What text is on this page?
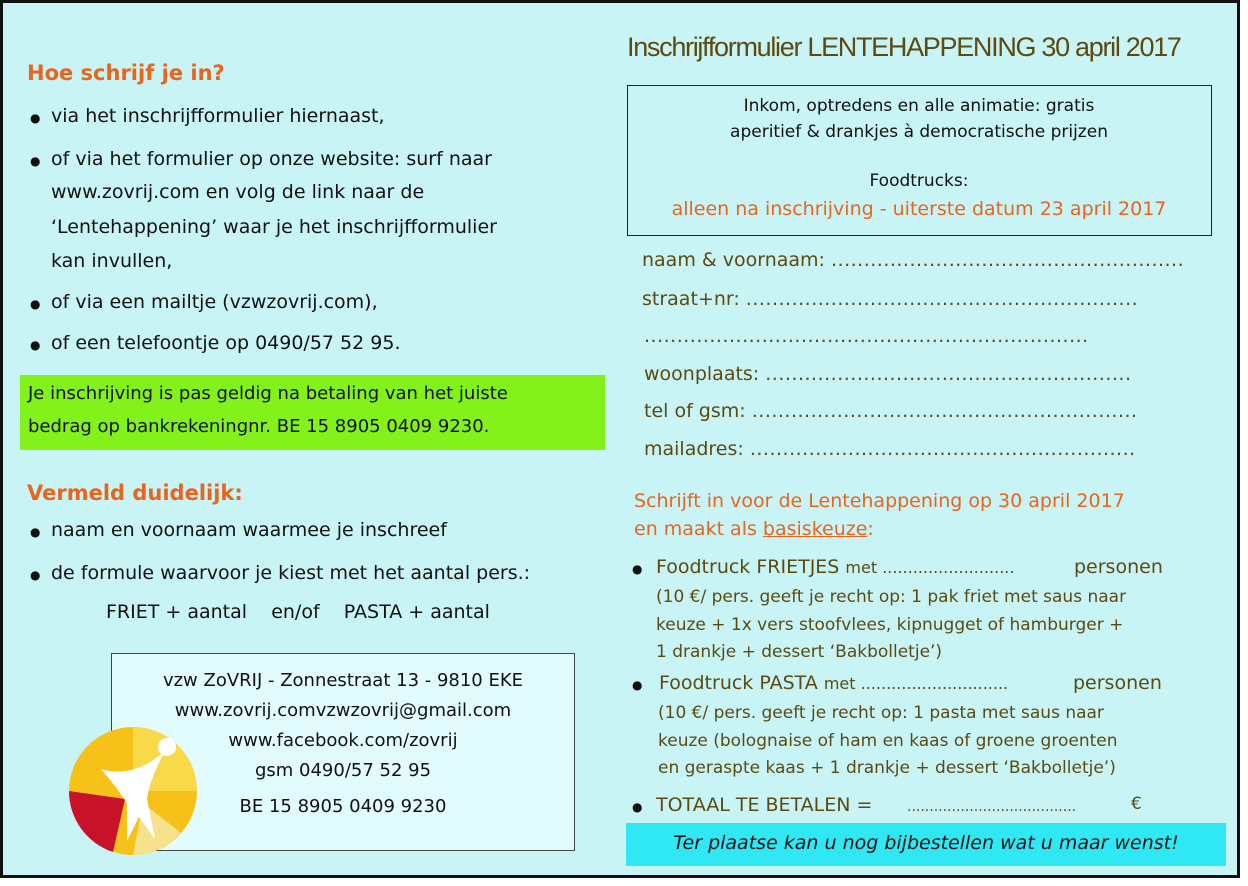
Hoe schrijf je in?
● via het inschrijfformulier hiernaast,
● of via het formulier op onze website: surf naar
www.zovrij.com en volg de link naar de
‘Lentehappening’ waar je het inschrijfformulier
kan invullen,
● of via een mailtje (vzwzovrij.com),
● of een telefoontje op 0490/57 52 95.
Je inschrijving is pas geldig na betaling van het juiste
bedrag op bankrekeningnr. BE 15 8905 0409 9230.
Vermeld duidelijk:
● naam en voornaam waarmee je inschreef
● de formule waarvoor je kiest met het aantal pers.:
FRIET + aantal    en/of    PASTA + aantal
vzw ZoVRIJ - Zonnestraat 13 - 9810 EKE
www.zovrij.comvzwzovrij@gmail.com
www.facebook.com/zovrij
gsm 0490/57 52 95
BE 15 8905 0409 9230
Inschrijfformulier LENTEHAPPENING 30 april 2017
Inkom, optredens en alle animatie: gratis
aperitief & drankjes à democratische prijzen
Foodtrucks:
alleen na inschrijving - uiterste datum 23 april 2017
naam & voornaam: ......................................................
straat+nr: ............................................................
....................................................................
woonplaats: ........................................................
tel of gsm: ...........................................................
mailadres: ...........................................................
Schrijft in voor de Lentehappening op 30 april 2017
en maakt als basiskeuze:
● Foodtruck FRIETJES met ..........................	personen
(10 €/ pers. geeft je recht op: 1 pak friet met saus naar
keuze + 1x vers stoofvlees, kipnugget of hamburger +
1 drankje + dessert ‘Bakbolletje’)
● Foodtruck PASTA met .............................	personen
(10 €/ pers. geeft je recht op: 1 pasta met saus naar
keuze (bolognaise of ham en kaas of groene groenten
en geraspte kaas + 1 drankje + dessert ‘Bakbolletje’)
● TOTAAL TE BETALEN = ......................................	€
Ter plaatse kan u nog bijbestellen wat u maar wenst!
